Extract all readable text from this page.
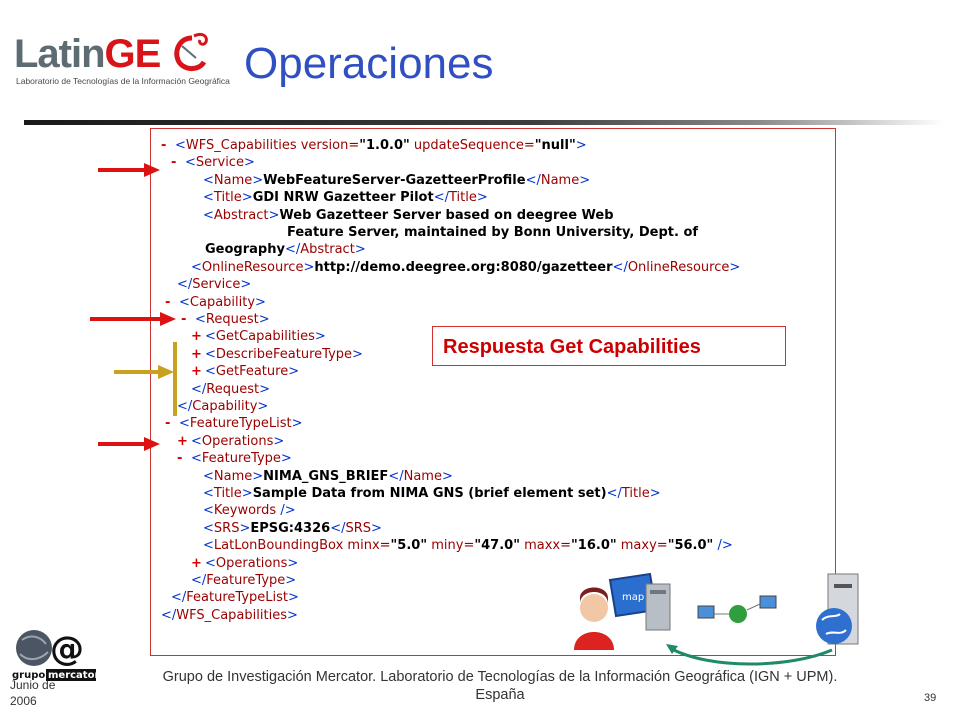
LatinGE
Laboratorio de Tecnologías de la Información Geográfica Operaciones
- <WFS_Capabilities version="1.0.0" updateSequence="null">
- <Service>
<Name>WebFeatureServer-GazetteerProfile</Name>
<Title>GDI NRW Gazetteer Pilot</Title>
<Abstract>Web Gazetteer Server based on deegree Web
Feature Server, maintained by Bonn University, Dept. of
Geography</Abstract>
<OnlineResource>http://demo.deegree.org:8080/gazetteer</OnlineResource>
</Service>
- <Capability>
- <Request>
+ <GetCapabilities>
+ <DescribeFeatureType>
+ <GetFeature>
</Request>
</Capability>
- <FeatureTypeList>
+ <Operations>
- <FeatureType>
<Name>NIMA_GNS_BRIEF</Name>
<Title>Sample Data from NIMA GNS (brief element set)</Title>
<Keywords />
<SRS>EPSG:4326</SRS>
<LatLonBoundingBox minx="5.0" miny="47.0" maxx="16.0" maxy="56.0" />
+ <Operations>
</FeatureType>
</FeatureTypeList>
</WFS_Capabilities>
Respuesta Get Capabilities
map
@
grupo mercator
Junio de
2006
Grupo de Investigación Mercator. Laboratorio de Tecnologías de la Información Geográfica (IGN + UPM).
España	39
